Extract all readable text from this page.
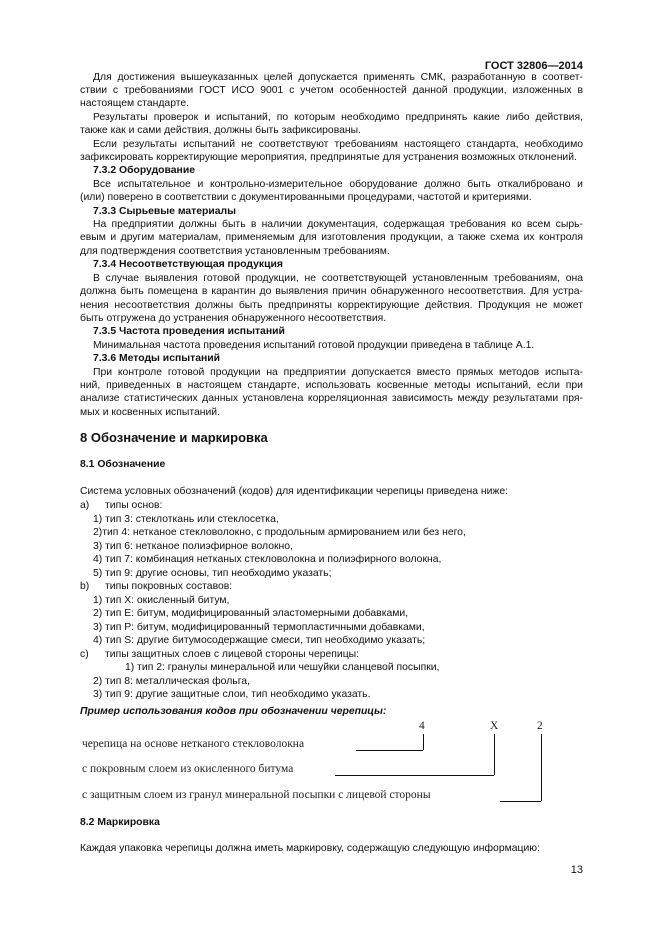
ГОСТ 32806—2014
13
Для достижения вышеуказанных целей допускается применять СМК, разработанную в соответ-
ствии с требованиями ГОСТ ИСО 9001 с учетом особенностей данной продукции, изложенных в
настоящем стандарте.
Результаты проверок и испытаний, по которым необходимо предпринять какие либо действия,
также как и сами действия, должны быть зафиксированы.
Если результаты испытаний не соответствуют требованиям настоящего стандарта, необходимо
зафиксировать корректирующие мероприятия, предпринятые для устранения возможных отклонений.
7.3.2 Оборудование
Все испытательное и контрольно-измерительное оборудование должно быть откалибровано и
(или) поверено в соответствии с документированными процедурами, частотой и критериями.
7.3.3 Сырьевые материалы
На предприятии должны быть в наличии документация, содержащая требования ко всем сырь-
евым и другим материалам, применяемым для изготовления продукции, а также схема их контроля
для подтверждения соответствия установленным требованиям.
7.3.4 Несоответствующая продукция
В случае выявления готовой продукции, не соответствующей установленным требованиям, она
должна быть помещена в карантин до выявления причин обнаруженного несоответствия. Для устра-
нения несоответствия должны быть предприняты корректирующие действия. Продукция не может
быть отгружена до устранения обнаруженного несоответствия.
7.3.5 Частота проведения испытаний
Минимальная частота проведения испытаний готовой продукции приведена в таблице А.1.
7.3.6 Методы испытаний
При контроле готовой продукции на предприятии допускается вместо прямых методов испыта-
ний, приведенных в настоящем стандарте, использовать косвенные методы испытаний, если при
анализе статистических данных установлена корреляционная зависимость между результатами пря-
мых и косвенных испытаний.
8 Обозначение и маркировка
8.1 Обозначение
Система условных обозначений (кодов) для идентификации черепицы приведена ниже:
a) типы основ:
1) тип 3: стеклоткань или стеклосетка,
2)тип 4: нетканое стекловолокно, с продольным армированием или без него,
3) тип 6: нетканое полиэфирное волокно,
4) тип 7: комбинация нетканых стекловолокна и полиэфирного волокна,
5) тип 9: другие основы, тип необходимо указать;
b) типы покровных составов:
1) тип X: окисленный битум,
2) тип E: битум, модифицированный эластомерными добавками,
3) тип P: битум, модифицированный термопластичными добавками,
4) тип S: другие битумосодержащие смеси, тип необходимо указать;
c) типы защитных слоев с лицевой стороны черепицы:
1) тип 2: гранулы минеральной или чешуйки сланцевой посыпки,
2) тип 8: металлическая фольга,
3) тип 9: другие защитные слои, тип необходимо указать.
Пример использования кодов при обозначении черепицы:
4	X	2
черепица на основе нетканого стекловолокна
с покровным слоем из окисленного битума
с защитным слоем из гранул минеральной посыпки с лицевой стороны
8.2 Маркировка
Каждая упаковка черепицы должна иметь маркировку, содержащую следующую информацию:
